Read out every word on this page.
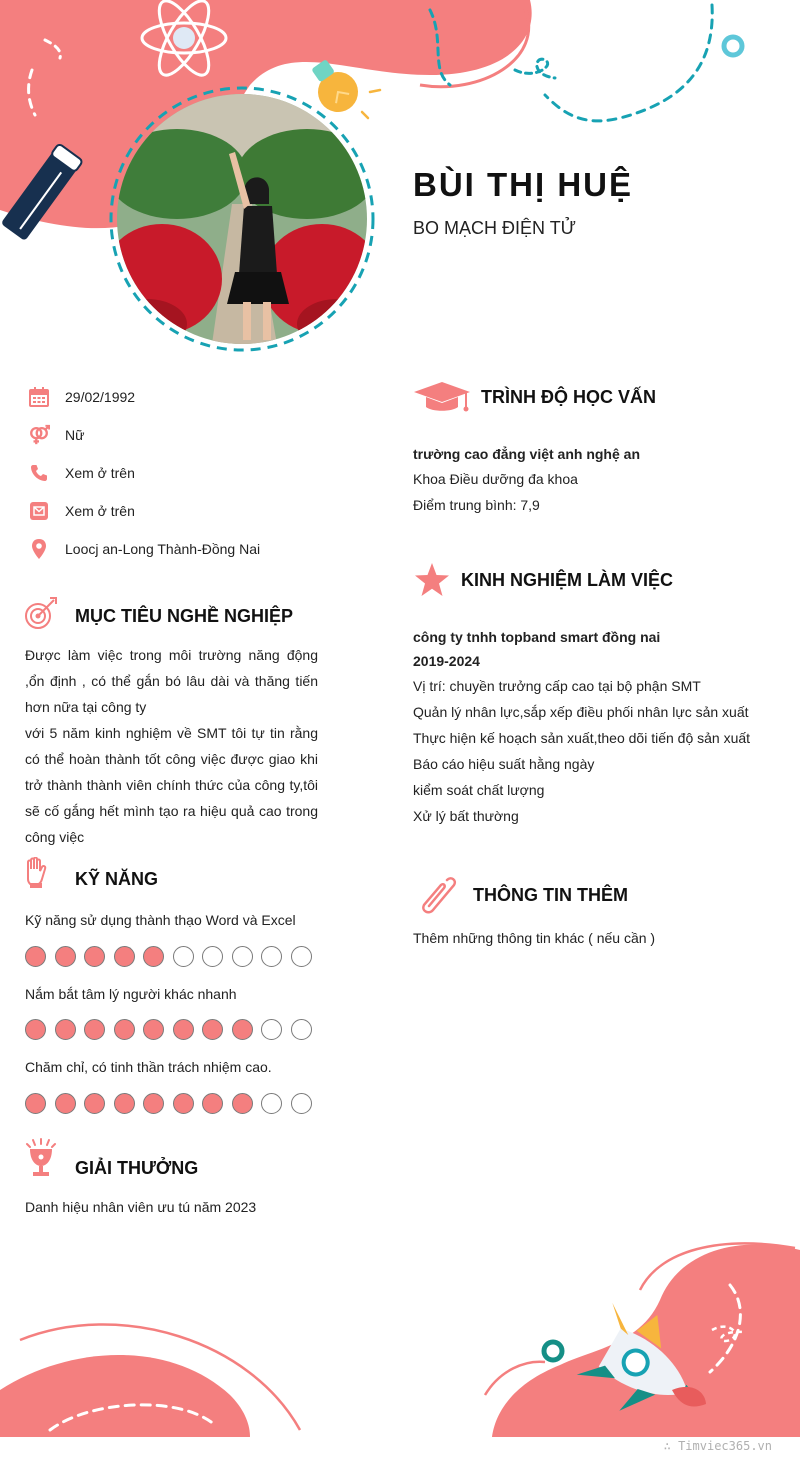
BÙI THỊ HUỆ
BO MẠCH ĐIỆN TỬ
29/02/1992
Nữ
Xem ở trên
Xem ở trên
Loocj an-Long Thành-Đồng Nai
MỤC TIÊU NGHỀ NGHIỆP
Được làm việc trong môi trường năng động ,ổn định , có thể gắn bó lâu dài và thăng tiến hơn nữa tại công ty
với 5 năm kinh nghiệm về SMT tôi tự tin rằng có thể hoàn thành tốt công việc được giao khi trở thành thành viên chính thức của công ty,tôi sẽ cố gắng hết mình tạo ra hiệu quả cao trong công việc
KỸ NĂNG
Kỹ năng sử dụng thành thạo Word và Excel
Nắm bắt tâm lý người khác nhanh
Chăm chỉ, có tinh thần trách nhiệm cao.
GIẢI THƯỞNG
Danh hiệu nhân viên ưu tú năm 2023
TRÌNH ĐỘ HỌC VẤN
trường cao đẳng việt anh nghệ an
Khoa Điều dưỡng đa khoa
Điểm trung bình: 7,9
KINH NGHIỆM LÀM VIỆC
công ty tnhh topband smart đồng nai
2019-2024
Vị trí: chuyền trưởng cấp cao tại bộ phận SMT
Quản lý nhân lực,sắp xếp điều phối nhân lực sản xuất
Thực hiện kế hoạch sản xuất,theo dõi tiến độ sản xuất
Báo cáo hiệu suất hằng ngày
kiểm soát chất lượng
Xử lý bất thường
THÔNG TIN THÊM
Thêm những thông tin khác ( nếu cần )
∴ Timviec365.vn
